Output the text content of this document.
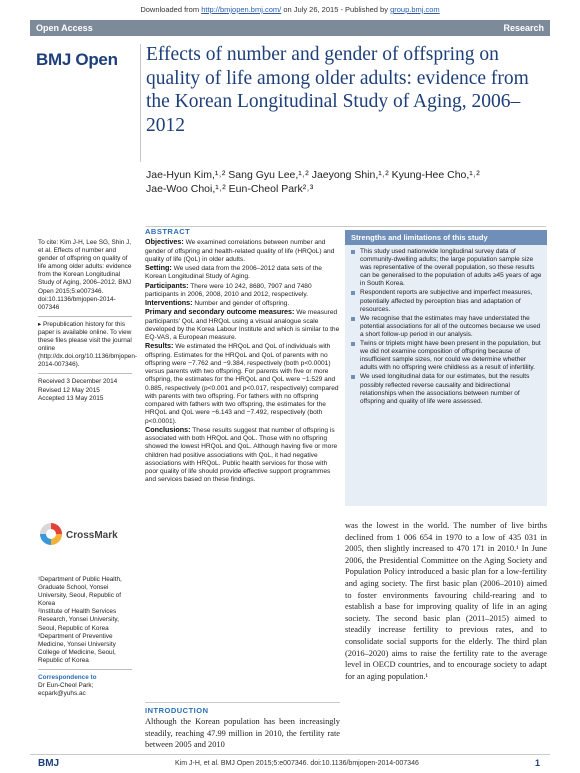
Downloaded from http://bmjopen.bmj.com/ on July 26, 2015 - Published by group.bmj.com
Open Access	Research
BMJ Open Effects of number and gender of offspring on quality of life among older adults: evidence from the Korean Longitudinal Study of Aging, 2006–2012
Jae-Hyun Kim,¹˒² Sang Gyu Lee,¹˒² Jaeyong Shin,¹˒² Kyung-Hee Cho,¹˒²
Jae-Woo Choi,¹˒² Eun-Cheol Park²˒³
To cite: Kim J-H, Lee SG, Shin J, et al. Effects of number and gender of offspring on quality of life among older adults: evidence from the Korean Longitudinal Study of Aging, 2006–2012. BMJ Open 2015;5:e007346. doi:10.1136/bmjopen-2014-007346
▸ Prepublication history for this paper is available online. To view these files please visit the journal online (http://dx.doi.org/10.1136/bmjopen-2014-007346).
Received 3 December 2014
Revised 12 May 2015
Accepted 13 May 2015
CrossMark
¹Department of Public Health, Graduate School, Yonsei University, Seoul, Republic of Korea
²Institute of Health Services Research, Yonsei University, Seoul, Republic of Korea
³Department of Preventive Medicine, Yonsei University College of Medicine, Seoul, Republic of Korea
Correspondence to
Dr Eun-Cheol Park; ecpark@yuhs.ac
ABSTRACT

Objectives: We examined correlations between number and gender of offspring and health-related quality of life (HRQoL) and quality of life (QoL) in older adults.

Setting: We used data from the 2006–2012 data sets of the Korean Longitudinal Study of Aging.

Participants: There were 10 242, 8680, 7907 and 7480 participants in 2006, 2008, 2010 and 2012, respectively.

Interventions: Number and gender of offspring.

Primary and secondary outcome measures: We measured participants' QoL and HRQoL using a visual analogue scale developed by the Korea Labour Institute and which is similar to the EQ-VAS, a European measure.

Results: We estimated the HRQoL and QoL of individuals with offspring. Estimates for the HRQoL and QoL of parents with no offspring were −7.762 and −9.384, respectively (both p<0.0001) versus parents with two offspring. For parents with five or more offspring, the estimates for the HRQoL and QoL were −1.529 and 0.885, respectively (p<0.001 and p<0.017, respectively) compared with parents with two offspring. For fathers with no offspring compared with fathers with two offspring, the estimates for the HRQoL and QoL were −6.143 and −7.492, respectively (both p<0.0001).

Conclusions: These results suggest that number of offspring is associated with both HRQoL and QoL. Those with no offspring showed the lowest HRQoL and QoL. Although having five or more children had positive associations with QoL, it had negative associations with HRQoL. Public health services for those with poor quality of life should provide effective support programmes and services based on these findings.

Strengths and limitations of this study
This study used nationwide longitudinal survey data of community-dwelling adults; the large population sample size was representative of the overall population, so these results can be generalised to the population of adults ≥45 years of age in South Korea.
Respondent reports are subjective and imperfect measures, potentially affected by perception bias and adaptation of resources.
We recognise that the estimates may have understated the potential associations for all of the outcomes because we used a short follow-up period in our analysis.
Twins or triplets might have been present in the population, but we did not examine composition of offspring because of insufficient sample sizes, nor could we determine whether adults with no offspring were childless as a result of infertility.
We used longitudinal data for our estimates, but the results possibly reflected reverse causality and bidirectional relationships when the associations between number of offspring and quality of life were assessed.
was the lowest in the world. The number of live births declined from 1 006 654 in 1970 to a low of 435 031 in 2005, then slightly increased to 470 171 in 2010.¹ In June 2006, the Presidential Committee on the Aging Society and Population Policy introduced a basic plan for a low-fertility and aging society. The first basic plan (2006–2010) aimed to foster environments favouring child-rearing and to establish a base for improving quality of life in an aging society. The second basic plan (2011–2015) aimed to steadily increase fertility to previous rates, and to consolidate social supports for the elderly. The third plan (2016–2020) aims to raise the fertility rate to the average level in OECD countries, and to encourage society to adapt for an aging population.¹
INTRODUCTION
Although the Korean population has been increasingly steadily, reaching 47.99 million in 2010, the fertility rate between 2005 and 2010
BMJ	Kim J-H, et al. BMJ Open 2015;5:e007346. doi:10.1136/bmjopen-2014-007346	1
